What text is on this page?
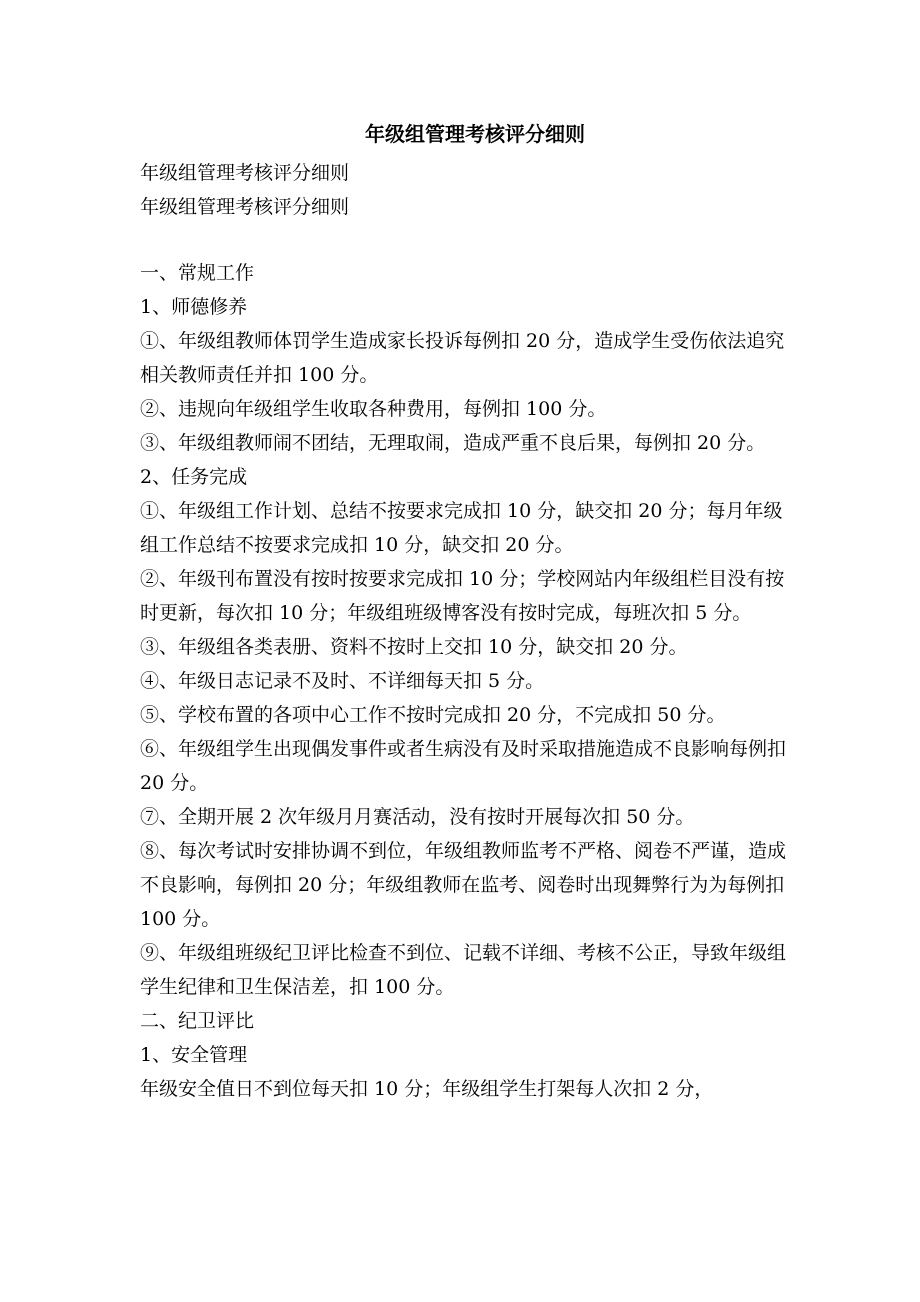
年级组管理考核评分细则
年级组管理考核评分细则
年级组管理考核评分细则
一、常规工作
1、师德修养
①、年级组教师体罚学生造成家长投诉每例扣 20 分，造成学生受伤依法追究相关教师责任并扣 100 分。
②、违规向年级组学生收取各种费用，每例扣 100 分。
③、年级组教师闹不团结，无理取闹，造成严重不良后果，每例扣 20 分。
2、任务完成
①、年级组工作计划、总结不按要求完成扣 10 分，缺交扣 20 分；每月年级组工作总结不按要求完成扣 10 分，缺交扣 20 分。
②、年级刊布置没有按时按要求完成扣 10 分；学校网站内年级组栏目没有按时更新，每次扣 10 分；年级组班级博客没有按时完成，每班次扣 5 分。
③、年级组各类表册、资料不按时上交扣 10 分，缺交扣 20 分。
④、年级日志记录不及时、不详细每天扣 5 分。
⑤、学校布置的各项中心工作不按时完成扣 20 分，不完成扣 50 分。
⑥、年级组学生出现偶发事件或者生病没有及时采取措施造成不良影响每例扣 20 分。
⑦、全期开展 2 次年级月月赛活动，没有按时开展每次扣 50 分。
⑧、每次考试时安排协调不到位，年级组教师监考不严格、阅卷不严谨，造成不良影响，每例扣 20 分；年级组教师在监考、阅卷时出现舞弊行为为每例扣 100 分。
⑨、年级组班级纪卫评比检查不到位、记载不详细、考核不公正，导致年级组学生纪律和卫生保洁差，扣 100 分。
二、纪卫评比
1、安全管理
年级安全值日不到位每天扣 10 分；年级组学生打架每人次扣 2 分，
